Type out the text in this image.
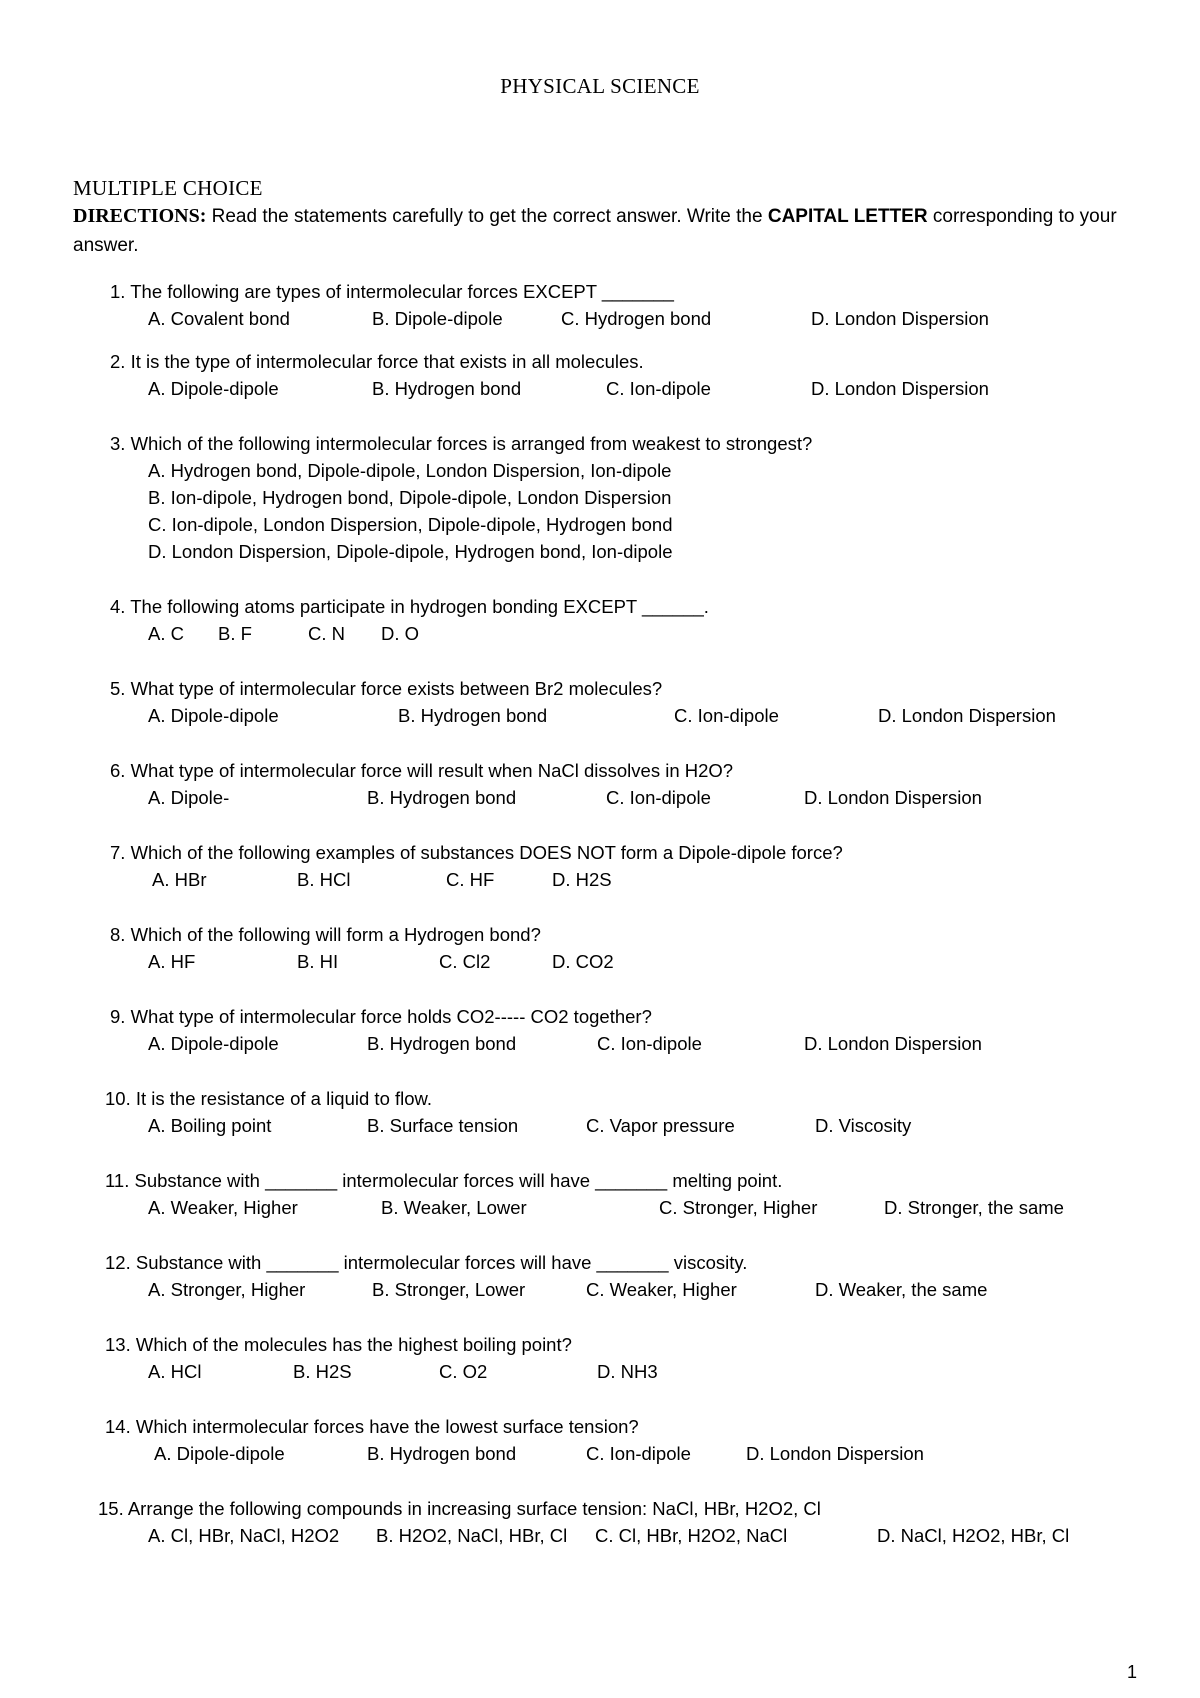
PHYSICAL SCIENCE
MULTIPLE CHOICE
DIRECTIONS: Read the statements carefully to get the correct answer. Write the CAPITAL LETTER corresponding to your answer.
1. The following are types of intermolecular forces EXCEPT _______
A. Covalent bond	B. Dipole-dipole	C. Hydrogen bond	D. London Dispersion
2. It is the type of intermolecular force that exists in all molecules.
A. Dipole-dipole	B. Hydrogen bond	C. Ion-dipole	D. London Dispersion
3. Which of the following intermolecular forces is arranged from weakest to strongest?
A. Hydrogen bond, Dipole-dipole, London Dispersion, Ion-dipole
B. Ion-dipole, Hydrogen bond, Dipole-dipole, London Dispersion
C. Ion-dipole, London Dispersion, Dipole-dipole, Hydrogen bond
D. London Dispersion, Dipole-dipole, Hydrogen bond, Ion-dipole
4. The following atoms participate in hydrogen bonding EXCEPT ______.
A. C B. F	C. N D. O
5. What type of intermolecular force exists between Br2 molecules?
A. Dipole-dipole	B. Hydrogen bond	C. Ion-dipole	D. London Dispersion
6. What type of intermolecular force will result when NaCl dissolves in H2O?
A. Dipole-	B. Hydrogen bond	C. Ion-dipole	D. London Dispersion
7. Which of the following examples of substances DOES NOT form a Dipole-dipole force?
A. HBr	B. HCl	C. HF	D. H2S
8. Which of the following will form a Hydrogen bond?
A. HF	B. HI	C. Cl2	D. CO2
9. What type of intermolecular force holds CO2----- CO2 together?
A. Dipole-dipole	B. Hydrogen bond	C. Ion-dipole	D. London Dispersion
10. It is the resistance of a liquid to flow.
A. Boiling point	B. Surface tension	C. Vapor pressure	D. Viscosity
11. Substance with _______ intermolecular forces will have _______ melting point.
A. Weaker, Higher	B. Weaker, Lower	C. Stronger, Higher	D. Stronger, the same
12. Substance with _______ intermolecular forces will have _______ viscosity.
A. Stronger, Higher	B. Stronger, Lower	C. Weaker, Higher	D. Weaker, the same
13. Which of the molecules has the highest boiling point?
A. HCl	B. H2S	C. O2	D. NH3
14. Which intermolecular forces have the lowest surface tension?
A. Dipole-dipole	B. Hydrogen bond	C. Ion-dipole	D. London Dispersion
15. Arrange the following compounds in increasing surface tension: NaCl, HBr, H2O2, Cl
A. Cl, HBr, NaCl, H2O2 B. H2O2, NaCl, HBr, Cl C. Cl, HBr, H2O2, NaCl	D. NaCl, H2O2, HBr, Cl
1
